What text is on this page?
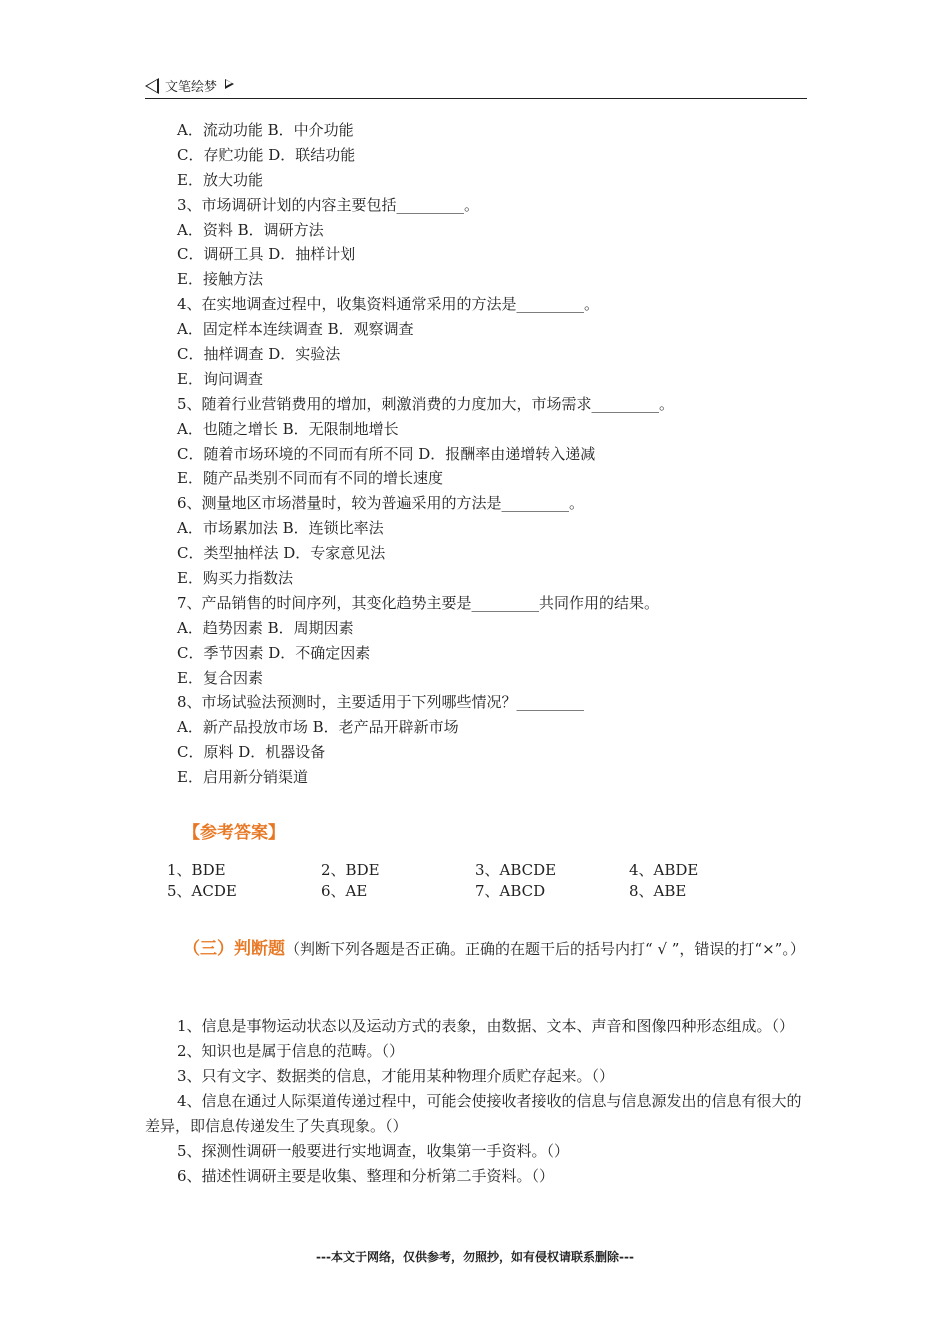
文笔绘梦
A．流动功能 B．中介功能
C．存贮功能 D．联结功能
E．放大功能
3、市场调研计划的内容主要包括_________。
A．资料 B．调研方法
C．调研工具 D．抽样计划
E．接触方法
4、在实地调查过程中，收集资料通常采用的方法是_________。
A．固定样本连续调查 B．观察调查
C．抽样调查 D．实验法
E．询问调查
5、随着行业营销费用的增加，刺激消费的力度加大，市场需求_________。
A．也随之增长 B．无限制地增长
C．随着市场环境的不同而有所不同 D．报酬率由递增转入递减
E．随产品类别不同而有不同的增长速度
6、测量地区市场潜量时，较为普遍采用的方法是_________。
A．市场累加法 B．连锁比率法
C．类型抽样法 D．专家意见法
E．购买力指数法
7、产品销售的时间序列，其变化趋势主要是_________共同作用的结果。
A．趋势因素 B．周期因素
C．季节因素 D．不确定因素
E．复合因素
8、市场试验法预测时，主要适用于下列哪些情况？_________
A．新产品投放市场 B．老产品开辟新市场
C．原料 D．机器设备
E．启用新分销渠道
【参考答案】
1、BDE	2、BDE	3、ABCDE	4、ABDE
5、ACDE	6、AE	7、ABCD	8、ABE
（三）判断题（判断下列各题是否正确。正确的在题干后的括号内打“ √ ”，错误的打“×”。）

1、信息是事物运动状态以及运动方式的表象，由数据、文本、声音和图像四种形态组成。（）

2、知识也是属于信息的范畴。（）

3、只有文字、数据类的信息，才能用某种物理介质贮存起来。（）

4、信息在通过人际渠道传递过程中，可能会使接收者接收的信息与信息源发出的信息有很大的差异，即信息传递发生了失真现象。（）

5、探测性调研一般要进行实地调查，收集第一手资料。（）

6、描述性调研主要是收集、整理和分析第二手资料。（）

---本文于网络，仅供参考，勿照抄，如有侵权请联系删除---
